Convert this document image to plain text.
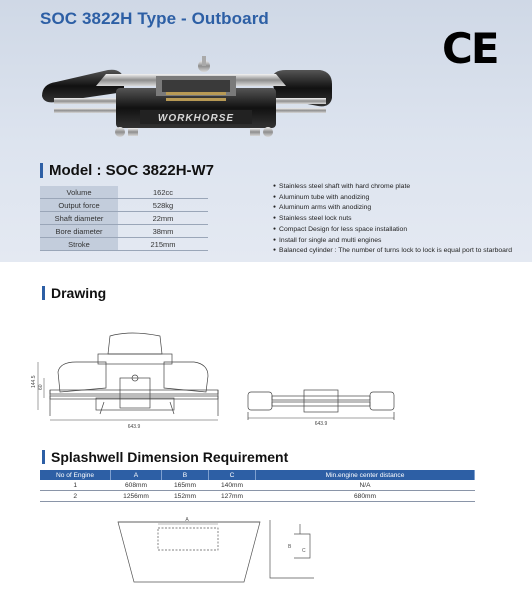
SOC 3822H Type - Outboard
CE
WORKHORSE
Model : SOC 3822H-W7
Volume	162cc
Output force	528kg
Shaft diameter	22mm
Bore diameter	38mm
Stroke	215mm
● Stainless steel shaft with hard chrome plate
● Aluminum tube with anodizing
● Aluminum arms with anodizing
● Stainless steel lock nuts
● Compact Design for less space installation
● Install for single and multi engines
● Balanced cylinder : The number of turns lock to lock is equal port to starboard
Drawing
643.9
144.5 60
643.9
Splashwell Dimension Requirement
No of Engine	A	B	C	Min.engine center distance
1	608mm	165mm	140mm	N/A
2	1256mm	152mm	127mm	680mm
A
B
C
